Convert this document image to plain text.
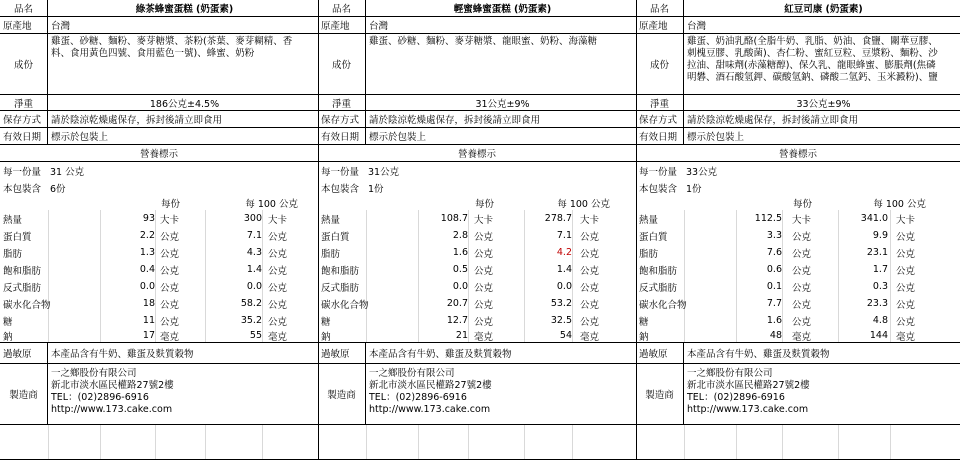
品名	綠茶蜂蜜蛋糕 (奶蛋素)
原產地	台灣
成份
雞蛋、砂糖、麵粉、麥芽糖漿、茶粉(茶葉、麥芽糊精、香
料、食用黃色四號、食用藍色一號)、蜂蜜、奶粉
淨重	186公克±4.5%
保存方式	請於陰涼乾燥處保存，拆封後請立即食用
有效日期	標示於包裝上
營養標示
每一份量 31 公克
本包裝含 6份
每份	每 100 公克
熱量	93 大卡	300 大卡
蛋白質	2.2 公克	7.1 公克
脂肪	1.3 公克	4.3 公克
飽和脂肪	0.4 公克	1.4 公克
反式脂肪	0.0 公克	0.0 公克
碳水化合物	18 公克	58.2 公克
糖	11 公克	35.2 公克
鈉	17 毫克	55 毫克
過敏原	本產品含有牛奶、雞蛋及麩質穀物
製造商
一之鄉股份有限公司
新北市淡水區民權路27號2樓
TEL：(02)2896-6916
http://www.173.cake.com
品名	輕蜜蜂蜜蛋糕 (奶蛋素)
原產地	台灣
成份
雞蛋、砂糖、麵粉、麥芽糖漿、龍眼蜜、奶粉、海藻糖
淨重	31公克±9%
保存方式	請於陰涼乾燥處保存，拆封後請立即食用
有效日期	標示於包裝上
營養標示
每一份量 31公克
本包裝含 1份
每份	每 100 公克
熱量	108.7 大卡	278.7 大卡
蛋白質	2.8 公克	7.1 公克
脂肪	1.6 公克	4.2 公克
飽和脂肪	0.5 公克	1.4 公克
反式脂肪	0.0 公克	0.0 公克
碳水化合物	20.7 公克	53.2 公克
糖	12.7 公克	32.5 公克
鈉	21 毫克	54 毫克
過敏原	本產品含有牛奶、雞蛋及麩質穀物
製造商
一之鄉股份有限公司
新北市淡水區民權路27號2樓
TEL：(02)2896-6916
http://www.173.cake.com
品名	紅豆司康 (奶蛋素)
原產地	台灣
成份
雞蛋、奶油乳酪(全脂牛奶、乳脂、奶油、食鹽、關華豆膠、
刺槐豆膠、乳酸菌)、杏仁粉、蜜紅豆粒、豆漿粉、麵粉、沙
拉油、甜味劑(赤藻糖醇)、保久乳、龍眼蜂蜜、膨脹劑(焦磷
明礬、酒石酸氫鉀、碳酸氫鈉、磷酸二氫鈣、玉米澱粉)、鹽
淨重	33公克±9%
保存方式	請於陰涼乾燥處保存，拆封後請立即食用
有效日期	標示於包裝上
營養標示
每一份量 33公克
本包裝含 1份
每份	每 100 公克
熱量	112.5 大卡	341.0 大卡
蛋白質	3.3 公克	9.9 公克
脂肪	7.6 公克	23.1 公克
飽和脂肪	0.6 公克	1.7 公克
反式脂肪	0.1 公克	0.3 公克
碳水化合物	7.7 公克	23.3 公克
糖	1.6 公克	4.8 公克
鈉	48 毫克	144 毫克
過敏原	本產品含有牛奶、雞蛋及麩質穀物
製造商
一之鄉股份有限公司
新北市淡水區民權路27號2樓
TEL：(02)2896-6916
http://www.173.cake.com
